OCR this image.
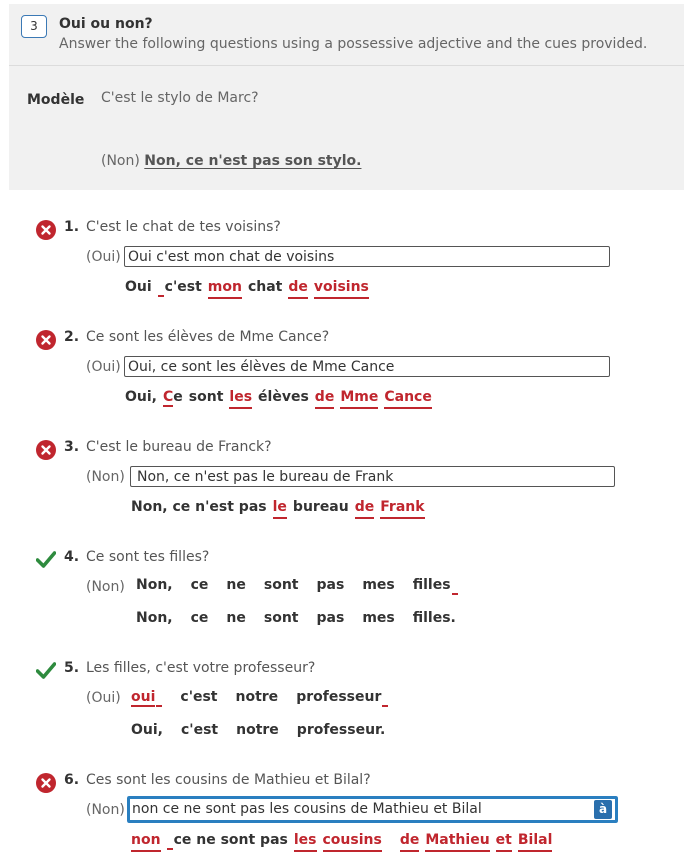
3	Oui ou non?
Answer the following questions using a possessive adjective and the cues provided.
Modèle C'est le stylo de Marc?
(Non) Non, ce n'est pas son stylo.
1. C'est le chat de tes voisins?
(Oui) Oui c'est mon chat de voisins
Oui c'est mon chat de voisins
2. Ce sont les élèves de Mme Cance?
(Oui) Oui, ce sont les élèves de Mme Cance
Oui, Ce sont les élèves de Mme Cance
3. C'est le bureau de Franck?
(Non) Non, ce n'est pas le bureau de Frank
Non, ce n'est pas le bureau de Frank
4. Ce sont tes filles?
(Non) Non, ce ne sont pas mes filles
Non, ce ne sont pas mes filles.
5. Les filles, c'est votre professeur?
(Oui) oui c'est notre professeur
Oui, c'est notre professeur.
6. Ces sont les cousins de Mathieu et Bilal?
(Non) non ce ne sont pas les cousins de Mathieu et Bilal	à
non ce ne sont pas les cousins de Mathieu et Bilal
